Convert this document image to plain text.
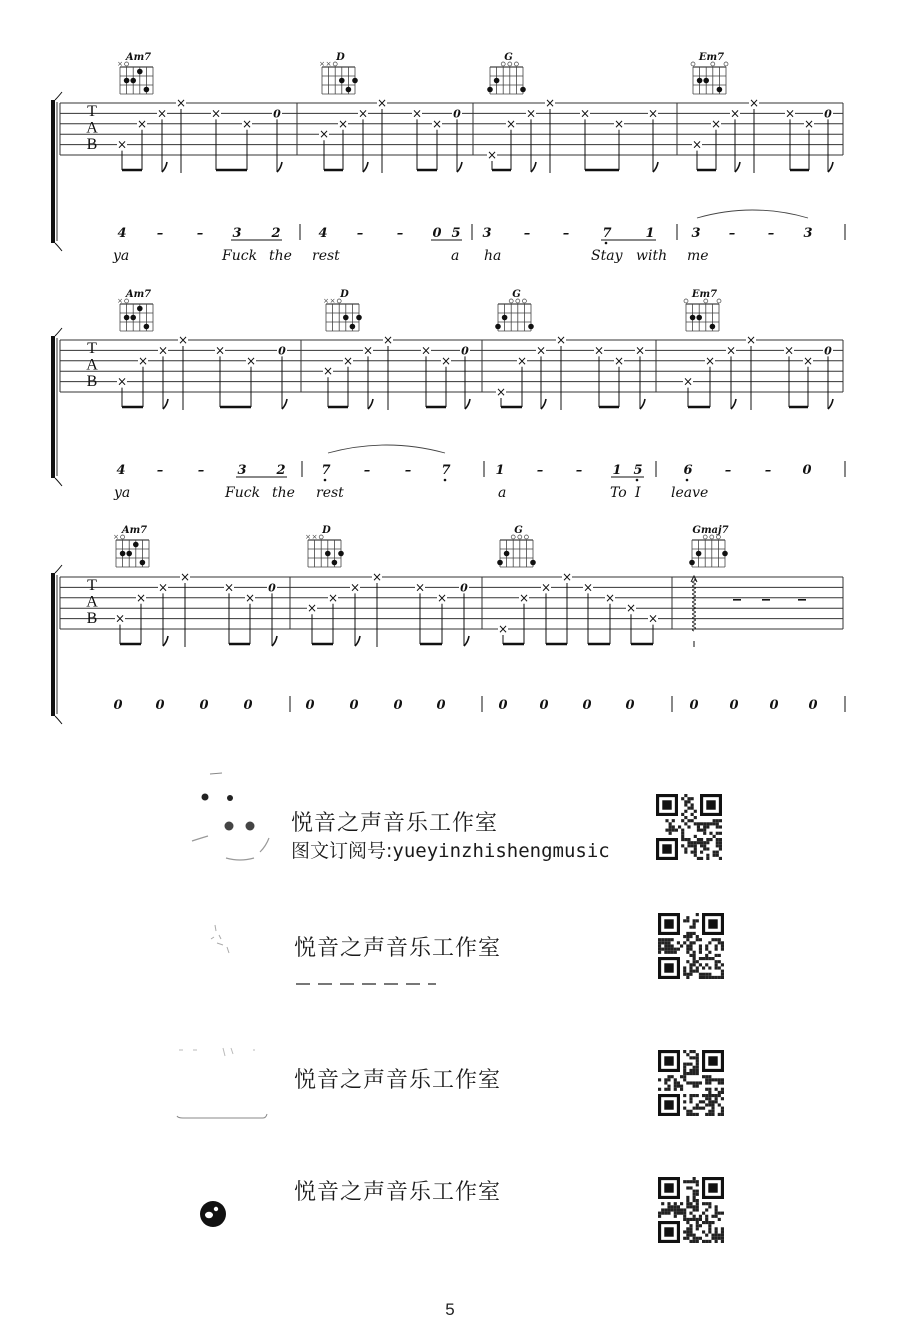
T
A
B
Am7
×
D
× ×
G	Em7
×
×
×
×
×
×
0
×
×
×
×
×
×
0
×
×
×
×
×
×
×
×
×
×
×
×
×
0
4 –	– 3 2	4 –	– 0 5 3 –	–	7	1	3 –	– 3
ya	Fuck the rest	a ha	Stay with me
T
A
B
Am7
×
D
× ×
G	Em7
×
×
×
×
×
×
0
×
×
×
×
×
×
0
×
×
×
×
×
×
×
×
×
×
×
×
×
0
4 –	–	3 2	7	–	– 7	1 –	– 1 5	6 –	– 0
ya	Fuck the rest	a	To I leave
T
A
B
Am7
×
D
× ×
G	Gmaj7
×
×
×
×
×
×
0
×
×
×
×
×
×
0
×
×
×
×
×
×
×
×
0	0	0	0	0	0	0	0	0 0	0	0	0 0 0 0
悦音之声音乐工作室
图文订阅号:yueyinzhishengmusic
悦音之声音乐工作室
悦音之声音乐工作室
悦音之声音乐工作室
5
